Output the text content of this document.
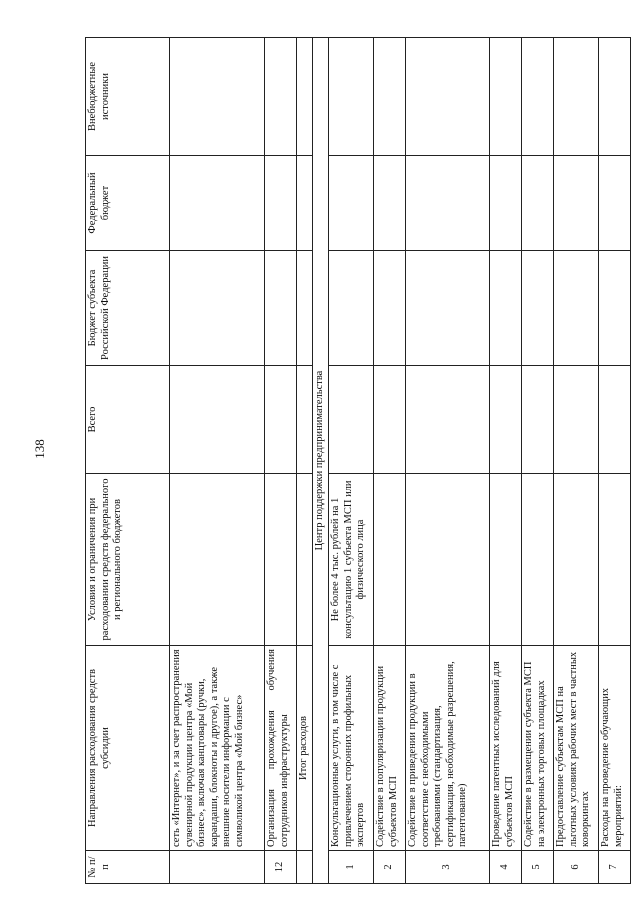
138
№ п/п	Направления расходования средств субсидии	Условия и ограничения при расходовании средств федерального и регионального бюджетов	Всего	Бюджет субъекта Российской Федерации	Федеральный бюджет	Внебюджетные источники
	сеть «Интернет», и за счет распространения сувенирной продукции центра «Мой бизнес», включая канцтовары (ручки, карандаши, блокноты и другое), а также внешние носители информации с символикой центра «Мой бизнес»					
12	Организация прохождения обучения сотрудников инфраструктуры					
	Итог расходов					
Центр поддержки предпринимательства						
1	Консультационные услуги, в том числе с привлечением сторонних профильных экспертов	Не более 4 тыс. рублей на 1 консультацию 1 субъекта МСП или физического лица				
2	Содействие в популяризации продукции субъектов МСП					
3	Содействие в приведении продукции в соответствие с необходимыми требованиями (стандартизация, сертификация, необходимые разрешения, патентование)					
4	Проведение патентных исследований для субъектов МСП					
5	Содействие в размещении субъекта МСП на электронных торговых площадках					
6	Предоставление субъектам МСП на льготных условиях рабочих мест в частных коворкингах					
7	Расходы на проведение обучающих мероприятий:					
